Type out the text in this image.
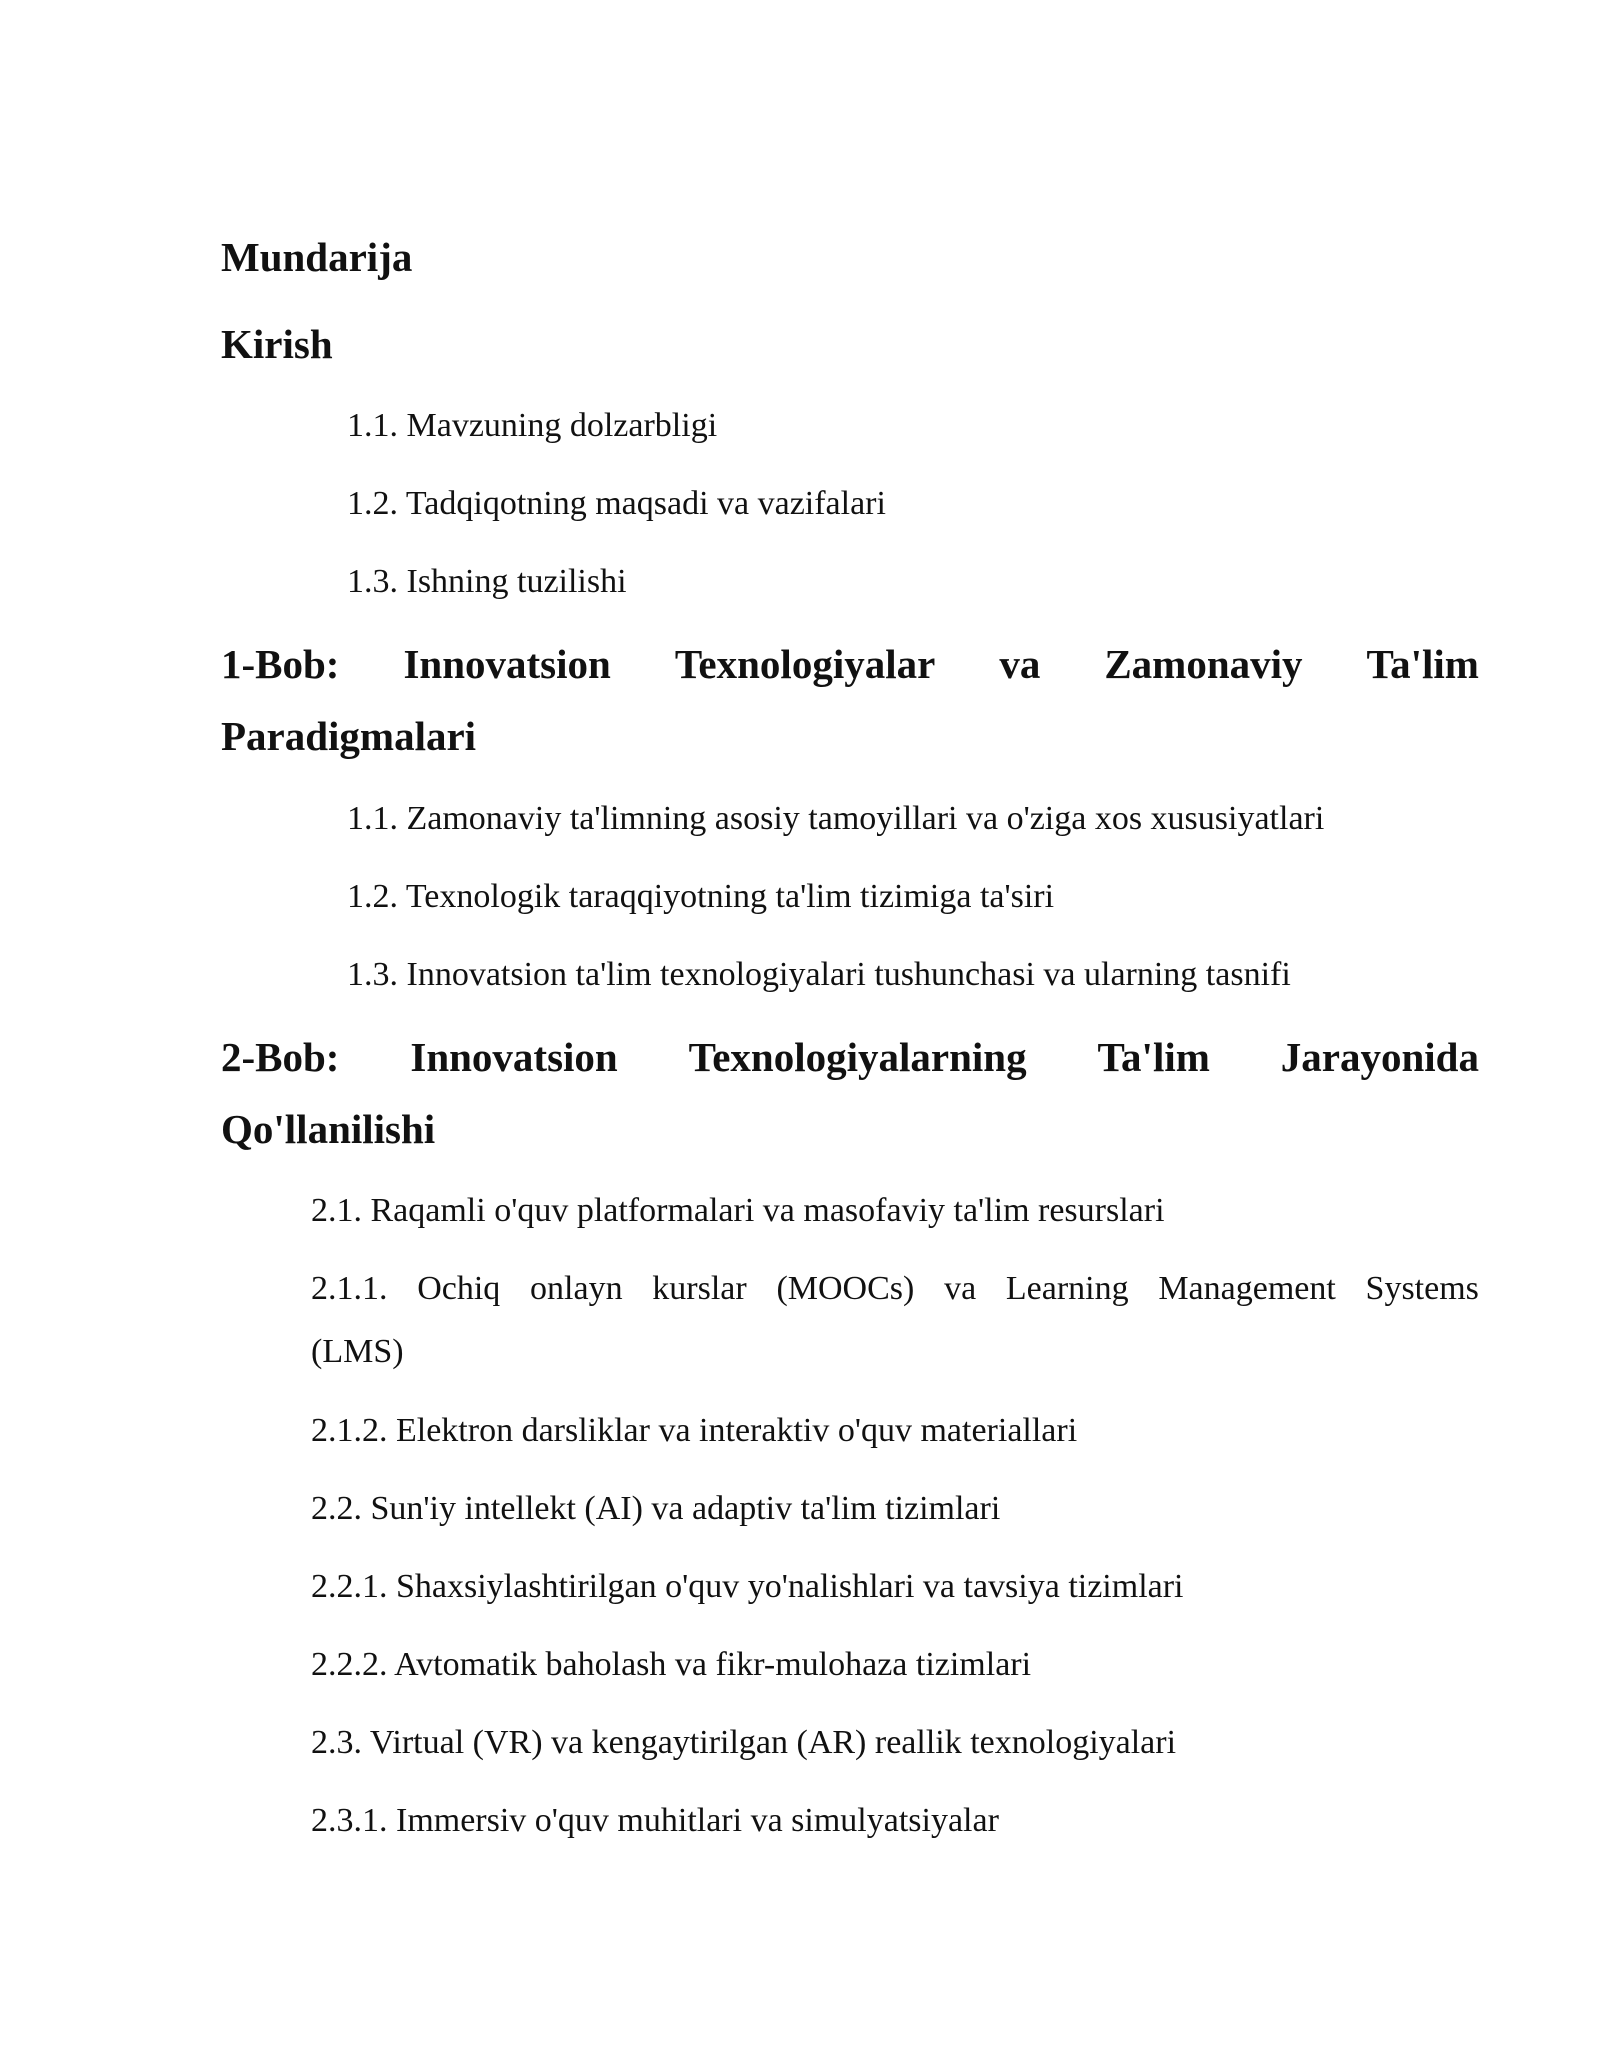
Mundarija
Kirish
1.1. Mavzuning dolzarbligi
1.2. Tadqiqotning maqsadi va vazifalari
1.3. Ishning tuzilishi
1-Bob: Innovatsion Texnologiyalar va Zamonaviy Ta'lim
Paradigmalari
1.1. Zamonaviy ta'limning asosiy tamoyillari va o'ziga xos xususiyatlari
1.2. Texnologik taraqqiyotning ta'lim tizimiga ta'siri
1.3. Innovatsion ta'lim texnologiyalari tushunchasi va ularning tasnifi
2-Bob: Innovatsion Texnologiyalarning Ta'lim Jarayonida
Qo'llanilishi
2.1. Raqamli o'quv platformalari va masofaviy ta'lim resurslari
2.1.1. Ochiq onlayn kurslar (MOOCs) va Learning Management Systems
(LMS)
2.1.2. Elektron darsliklar va interaktiv o'quv materiallari
2.2. Sun'iy intellekt (AI) va adaptiv ta'lim tizimlari
2.2.1. Shaxsiylashtirilgan o'quv yo'nalishlari va tavsiya tizimlari
2.2.2. Avtomatik baholash va fikr-mulohaza tizimlari
2.3. Virtual (VR) va kengaytirilgan (AR) reallik texnologiyalari
2.3.1. Immersiv o'quv muhitlari va simulyatsiyalar
